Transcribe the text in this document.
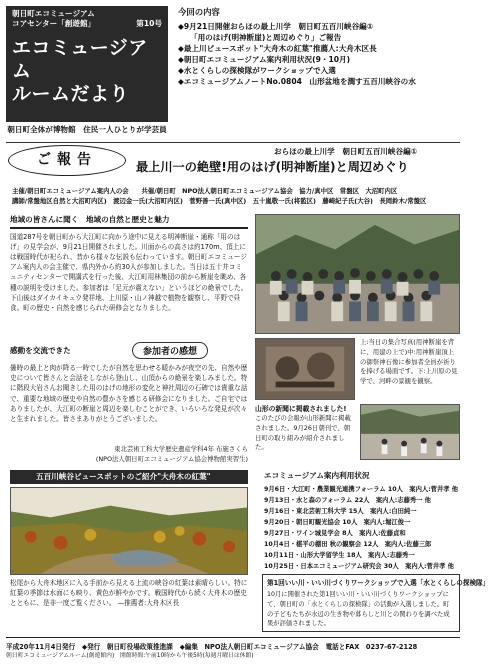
朝日町エコミュージアム
コアセンター「創遊館」	第10号
エコミュージアム
ルームだより
朝日町全体が博物館　住民一人ひとりが学芸員
今回の内容
◆9月21日開催おらほの最上川学　朝日町五百川峡谷編①
「用のはげ(明神断崖)と周辺めぐり」ご報告
◆最上川ビュースポット"大舟木の紅葉"推薦人:大舟木区長
◆朝日町エコミュージアム案内利用状況(9・10月)
◆水とくらしの探検隊がワークショップで入選
◆エコミュージアムノートNo.0804　山形盆地を潤す五百川峡谷の水
ご報告
おらほの最上川学　朝日町五百川峡谷編①
最上川一の絶壁!用のはげ(明神断崖)と周辺めぐり
主催/朝日町エコミュージアム案内人の会　　共催/朝日町　NPO法人朝日町エコミュージアム協会　協力/真中区　常盤区　大沼町内区
講師/常盤地区自然と大沼町内区)　渡辺金一氏(大沼町内区)　菅野善一氏(真中区)　五十嵐敬一氏(将監区)　藤崎紀子氏(大谷)　長岡鈴木/常盤区
地域の皆さんに聞く　地域の自然と歴史と魅力
国道287号を朝日町から大江町に向かう途中に見える明神断崖・通称「用のはげ」の見学会が、9月21日開催されました。川面からの高さは約170m、頂上には戦国時代が祀られ、昔から様々な伝説も伝わっています。朝日町エコミュージアム案内人の会主催で、県内外から約30人が参加しました。当日は五十井コミュニティセンターで開講式を行った後、大江町用林集団の前から断崖を眺め、各種の説明を受けました。参加者は「足元が震えない」というほどの絶景でした。下山後はダイカイキュウ発祥地、上川原・山ノ神越で植物を観察し、平野で昼食。町の歴史・自然を感じられた研修会となりました。
感動を交流できた	参加者の感想
曇時の最上と肉が降る一時でしたが自然を思わせる暖かみが夜空の先、自然や歴史について皆さんと会話をしながら登山し、山頂からの絶景を楽しみました。特に階段大岩さんお聞きした用のはげの地形の変化と神社周辺の石碑では貴重な話で、重要な地域の歴史や自然の豊かさを感じる研修会になりました。ご自宅ではありましたが、大江町の断崖と周辺を楽しむことができ、いろいろな発見が次々と生まれました。皆さまありがとうございました。
東北芸術工科大学歴史遺産学科4年 布施さくら
(NPO法人朝日町エコミュージアム協会博物館実習生)
上:当日の集合写真(用神断崖を背に、用建の上で)中:用神断崖頂上の御祭神石像に参加者全員が祈りを捧げる場面です。下:上川原の見学で、河畔の景観を観察。
山形の新聞に掲載されました!
このたびの会報が山形新聞に掲載されました。9月26日朝刊で、朝日町の取り組みが紹介されました。
五百川峡谷ビュースポットのご紹介"大舟木の紅葉"
松尾から大舟木地区に入る手前から見える上流の峡谷の紅葉は素晴らしい。特に紅葉の季節は水面にも映り、黄色が鮮やかです。戦国時代から続く大舟木の歴史とともに、是非一度ご覧ください。 —推薦者:大舟木区長
エコミュージアム案内利用状況
9月6日・大江町・農業観光連携フォーラム 10人　案内人:菅井孝 他
9月13日・水と森のフォーラム 22人　案内人:志藤秀一 他
9月16日・東北芸術工科大学 15人　案内人:白田純一
9月20日・朝日町観光協会 10人　案内人:堀江俊一
9月27日・ワイン城見学会 8人　案内人:佐藤貞和
10月4日・椹平の棚田 秋の観察会 12人　案内人:佐藤三郎
10月11日・山形大学留学生 18人　案内人:志藤秀一
10月25日・日本エコミュージアム研究会 30人　案内人:菅井孝 他
第1回いい川・いい川づくりワークショップで入選「水とくらしの探検隊」
10月に開催された第1回いい川・いい川づくりワークショップにて、朝日町の「水とくらしの探検隊」の活動が入選しました。町の子どもたちが水辺の生き物や暮らしと川との関わりを調べた成果が評価されました。
平成20年11月4日発行 ◆発行　朝日町役場政策推進課 ◆編集　NPO法人朝日町エコミュージアム協会 電話とFAX　0237-67-2128
朝日町エコミュージアムルーム(創遊館内)　開館時間:午前10時から午後5時(毎週月曜日は休館)
